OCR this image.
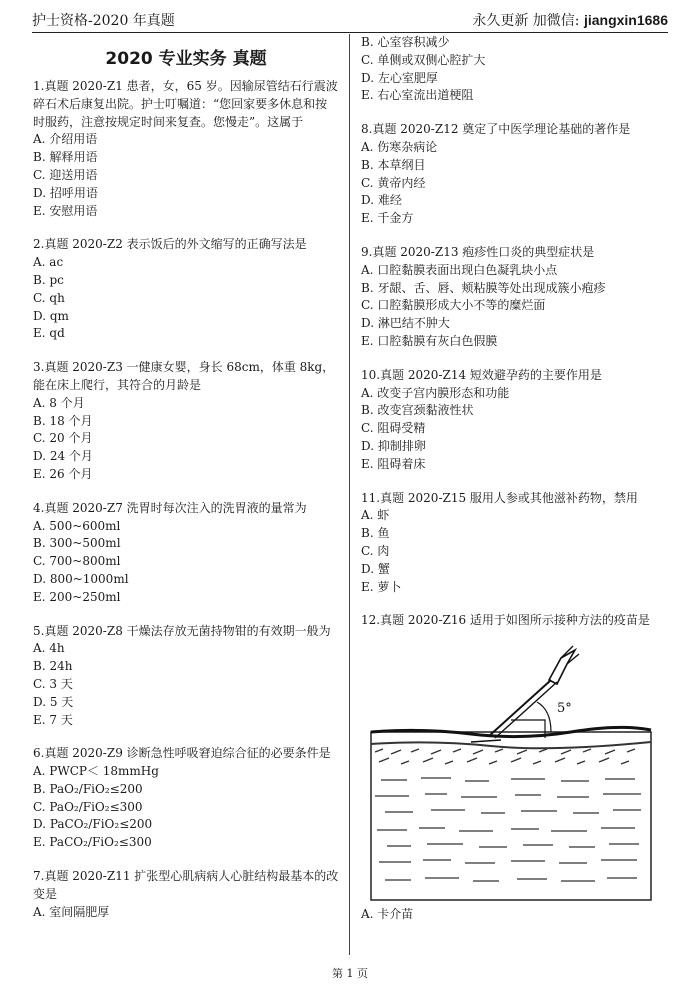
护士资格-2020 年真题	永久更新 加微信: jiangxin1686
2020 专业实务 真题

1.真题 2020-Z1 患者，女，65 岁。因输尿管结石行震波碎石术后康复出院。护士叮嘱道：“您回家要多休息和按时服药，注意按规定时间来复查。您慢走”。这属于

A. 介绍用语

B. 解释用语

C. 迎送用语

D. 招呼用语

E. 安慰用语

2.真题 2020-Z2 表示饭后的外文缩写的正确写法是

A. ac

B. pc

C. qh

D. qm

E. qd

3.真题 2020-Z3 一健康女婴，身长 68cm，体重 8kg，能在床上爬行，其符合的月龄是

A. 8 个月

B. 18 个月

C. 20 个月

D. 24 个月

E. 26 个月

4.真题 2020-Z7 洗胃时每次注入的洗胃液的量常为

A. 500~600ml

B. 300~500ml

C. 700~800ml

D. 800~1000ml

E. 200~250ml

5.真题 2020-Z8 干燥法存放无菌持物钳的有效期一般为

A. 4h

B. 24h

C. 3 天

D. 5 天

E. 7 天

6.真题 2020-Z9 诊断急性呼吸窘迫综合征的必要条件是

A. PWCP＜ 18mmHg

B. PaO₂/FiO₂≤200

C. PaO₂/FiO₂≤300

D. PaCO₂/FiO₂≤200

E. PaCO₂/FiO₂≤300

7.真题 2020-Z11 扩张型心肌病病人心脏结构最基本的改变是

A. 室间隔肥厚

B. 心室容积减少

C. 单侧或双侧心腔扩大

D. 左心室肥厚

E. 右心室流出道梗阻

8.真题 2020-Z12 奠定了中医学理论基础的著作是

A. 伤寒杂病论

B. 本草纲目

C. 黄帝内经

D. 难经

E. 千金方

9.真题 2020-Z13 疱疹性口炎的典型症状是

A. 口腔黏膜表面出现白色凝乳块小点

B. 牙龈、舌、唇、颊粘膜等处出现成簇小疱疹

C. 口腔黏膜形成大小不等的糜烂面

D. 淋巴结不肿大

E. 口腔黏膜有灰白色假膜

10.真题 2020-Z14 短效避孕药的主要作用是

A. 改变子宫内膜形态和功能

B. 改变宫颈黏液性状

C. 阻碍受精

D. 抑制排卵

E. 阻碍着床

11.真题 2020-Z15 服用人参或其他滋补药物，禁用

A. 虾

B. 鱼

C. 肉

D. 蟹

E. 萝卜

12.真题 2020-Z16 适用于如图所示接种方法的疫苗是

5°

A. 卡介苗

第 1 页
